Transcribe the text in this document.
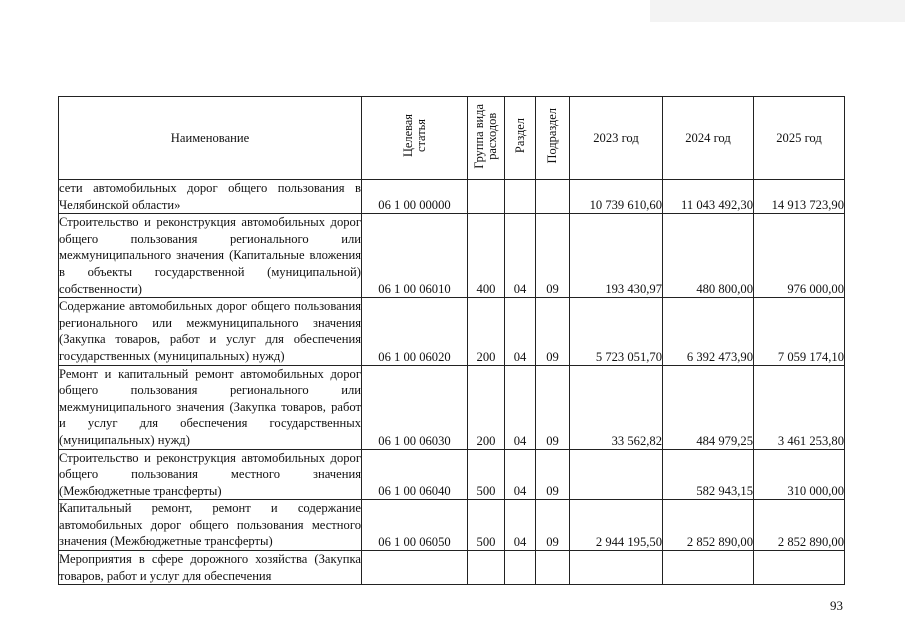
Наименование	Целевая статья	Группа вида расходов	Раздел	Подраздел	2023 год	2024 год	2025 год

сети автомобильных дорог общего пользования в Челябинской области»	06 1 00 00000				10 739 610,60	11 043 492,30	14 913 723,90

Строительство и реконструкция автомобильных дорог общего пользования регионального или межмуниципального значения (Капитальные вложения в объекты государственной (муниципальной) собственности)	06 1 00 06010	400	04	09	193 430,97	480 800,00	976 000,00

Содержание автомобильных дорог общего пользования регионального или межмуниципального значения (Закупка товаров, работ и услуг для обеспечения государственных (муниципальных) нужд)	06 1 00 06020	200	04	09	5 723 051,70	6 392 473,90	7 059 174,10

Ремонт и капитальный ремонт автомобильных дорог общего пользования регионального или межмуниципального значения (Закупка товаров, работ и услуг для обеспечения государственных (муниципальных) нужд)	06 1 00 06030	200	04	09	33 562,82	484 979,25	3 461 253,80

Строительство и реконструкция автомобильных дорог общего пользования местного значения (Межбюджетные трансферты)	06 1 00 06040	500	04	09		582 943,15	310 000,00

Капитальный ремонт, ремонт и содержание автомобильных дорог общего пользования местного значения (Межбюджетные трансферты)	06 1 00 06050	500	04	09	2 944 195,50	2 852 890,00	2 852 890,00

Мероприятия в сфере дорожного хозяйства (Закупка товаров, работ и услуг для обеспечения							

93
